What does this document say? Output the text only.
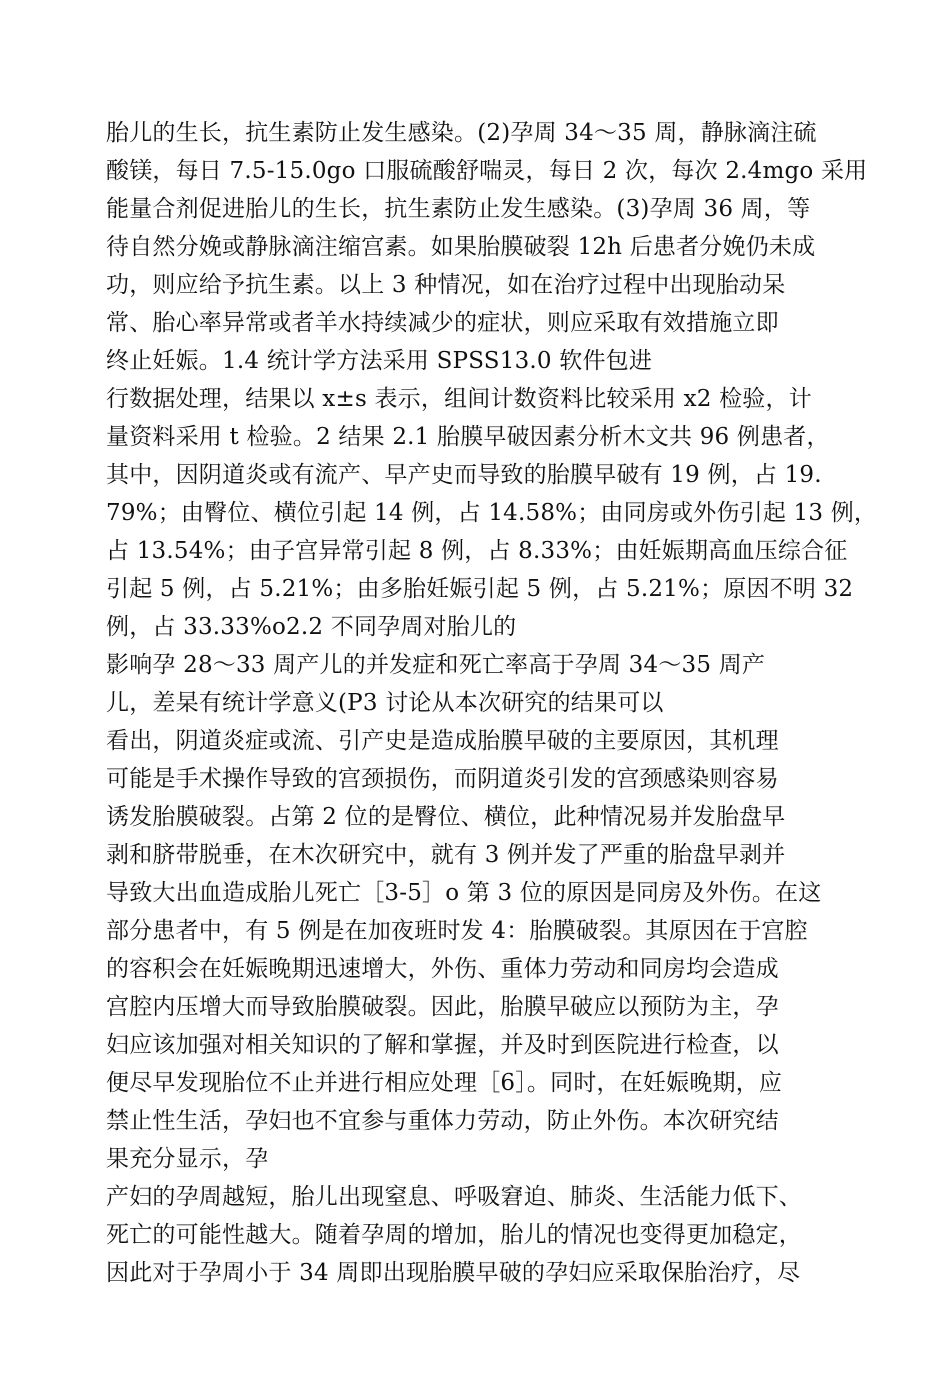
胎儿的生长，抗生素防止发生感染。(2)孕周 34〜35 周，静脉滴注硫
酸镁，每日 7.5-15.0go 口服硫酸舒喘灵，每日 2 次，每次 2.4mgo 采用
能量合剂促进胎儿的生长，抗生素防止发生感染。(3)孕周 36 周，等
待自然分娩或静脉滴注缩宫素。如果胎膜破裂 12h 后患者分娩仍未成
功，则应给予抗生素。以上 3 种情况，如在治疗过程中出现胎动呆
常、胎心率异常或者羊水持续减少的症状，则应采取有效措施立即
终止妊娠。1.4 统计学方法采用 SPSS13.0 软件包进
行数据处理，结果以 x±s 表示，组间计数资料比较采用 x2 检验，计
量资料采用 t 检验。2 结果 2.1 胎膜早破因素分析木文共 96 例患者，
其中，因阴道炎或有流产、早产史而导致的胎膜早破有 19 例，占 19.
79%；由臀位、横位引起 14 例，占 14.58%；由同房或外伤引起 13 例，
占 13.54%；由子宫异常引起 8 例，占 8.33%；由妊娠期高血压综合征
引起 5 例，占 5.21%；由多胎妊娠引起 5 例，占 5.21%；原因不明 32
例，占 33.33%o2.2 不同孕周对胎儿的
影响孕 28〜33 周产儿的并发症和死亡率高于孕周 34〜35 周产
儿，差杲有统计学意义(P3 讨论从本次研究的结果可以
看出，阴道炎症或流、引产史是造成胎膜早破的主要原因，其机理
可能是手术操作导致的宫颈损伤，而阴道炎引发的宫颈感染则容易
诱发胎膜破裂。占第 2 位的是臀位、横位，此种情况易并发胎盘早
剥和脐带脱垂，在木次研究中，就有 3 例并发了严重的胎盘早剥并
导致大出血造成胎儿死亡［3-5］o 第 3 位的原因是同房及外伤。在这
部分患者中，有 5 例是在加夜班时发 4：胎膜破裂。其原因在于宫腔
的容积会在妊娠晚期迅速增大，外伤、重体力劳动和同房均会造成
宫腔内压增大而导致胎膜破裂。因此，胎膜早破应以预防为主，孕
妇应该加强对相关知识的了解和掌握，并及时到医院进行检查，以
便尽早发现胎位不止并进行相应处理［6］。同时，在妊娠晚期，应
禁止性生活，孕妇也不宜参与重体力劳动，防止外伤。本次研究结
果充分显示，孕
产妇的孕周越短，胎儿出现窒息、呼吸窘迫、肺炎、生活能力低下、
死亡的可能性越大。随着孕周的增加，胎儿的情况也变得更加稳定，
因此对于孕周小于 34 周即出现胎膜早破的孕妇应采取保胎治疗，尽
